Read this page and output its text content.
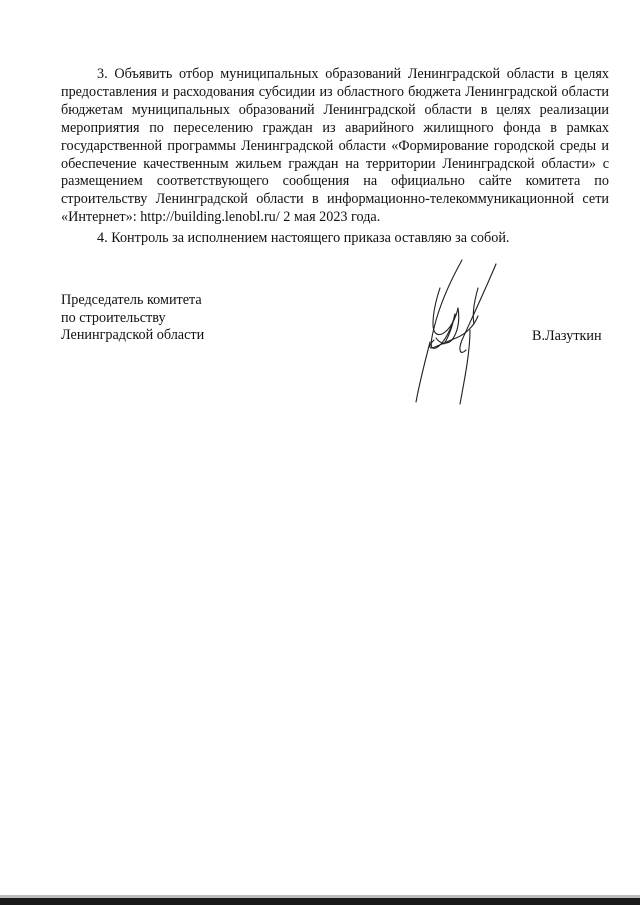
3. Объявить отбор муниципальных образований Ленинградской области в целях предоставления и расходования субсидии из областного бюджета Ленинградской области бюджетам муниципальных образований Ленинградской области в целях реализации мероприятия по переселению граждан из аварийного жилищного фонда в рамках государственной программы Ленинградской области «Формирование городской среды и обеспечение качественным жильем граждан на территории Ленинградской области» с размещением соответствующего сообщения на официально сайте комитета по строительству Ленинградской области в информационно-телекоммуникационной сети «Интернет»: http://building.lenobl.ru/ 2 мая 2023 года.

4. Контроль за исполнением настоящего приказа оставляю за собой.

Председатель комитета
по строительству
Ленинградской области	В.Лазуткин
